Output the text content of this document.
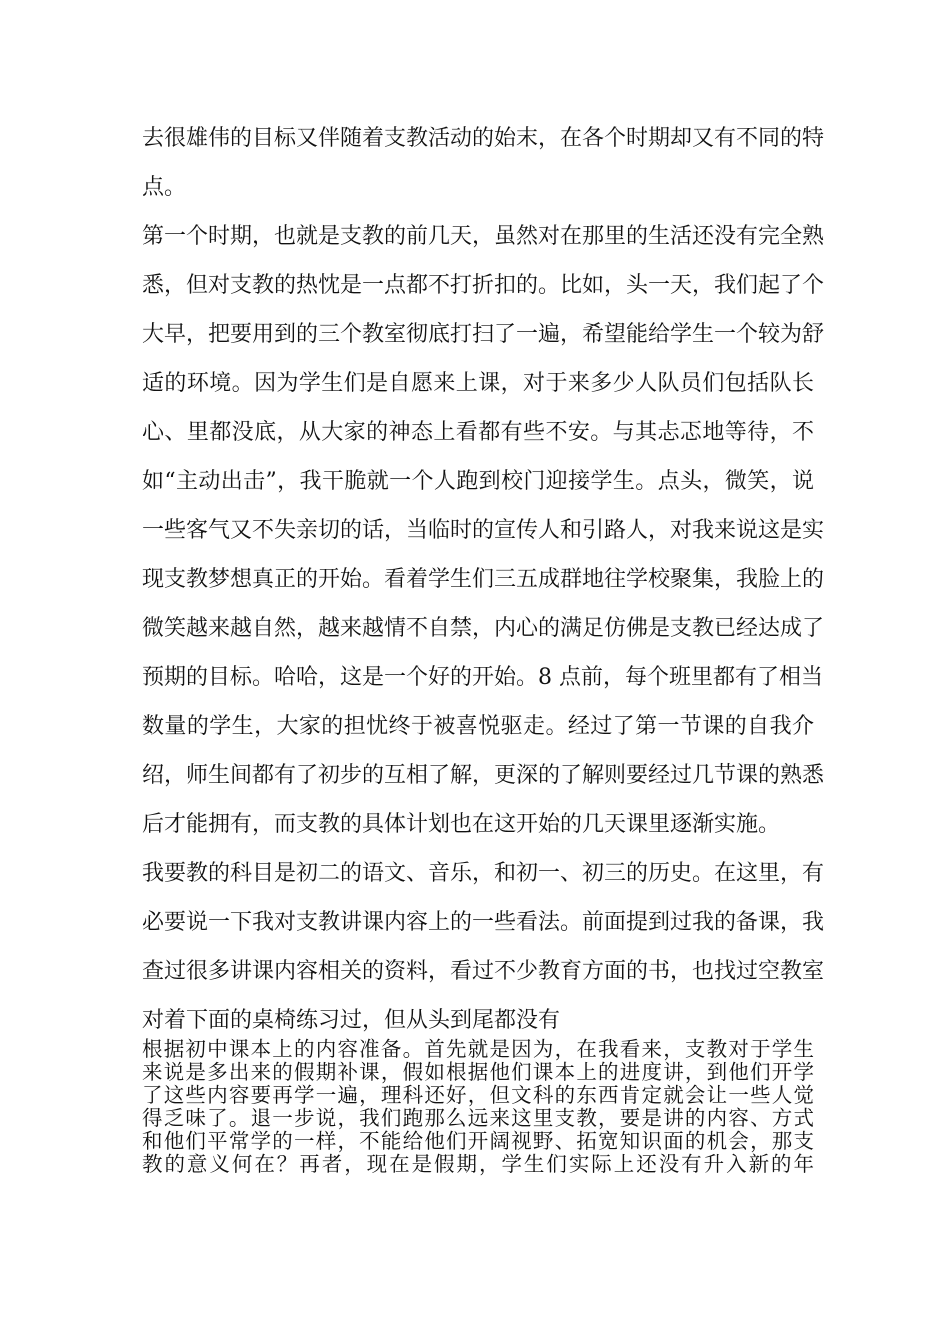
去很雄伟的目标又伴随着支教活动的始末，在各个时期却又有不同的特
点。
第一个时期，也就是支教的前几天，虽然对在那里的生活还没有完全熟
悉，但对支教的热忱是一点都不打折扣的。比如，头一天，我们起了个
大早，把要用到的三个教室彻底打扫了一遍，希望能给学生一个较为舒
适的环境。因为学生们是自愿来上课，对于来多少人队员们包括队长
心、里都没底，从大家的神态上看都有些不安。与其忐忑地等待，不
如“主动出击”，我干脆就一个人跑到校门迎接学生。点头，微笑，说
一些客气又不失亲切的话，当临时的宣传人和引路人，对我来说这是实
现支教梦想真正的开始。看着学生们三五成群地往学校聚集，我脸上的
微笑越来越自然，越来越情不自禁，内心的满足仿佛是支教已经达成了
预期的目标。哈哈，这是一个好的开始。8 点前，每个班里都有了相当
数量的学生，大家的担忧终于被喜悦驱走。经过了第一节课的自我介
绍，师生间都有了初步的互相了解，更深的了解则要经过几节课的熟悉
后才能拥有，而支教的具体计划也在这开始的几天课里逐渐实施。
我要教的科目是初二的语文、音乐，和初一、初三的历史。在这里，有
必要说一下我对支教讲课内容上的一些看法。前面提到过我的备课，我
查过很多讲课内容相关的资料，看过不少教育方面的书，也找过空教室
对着下面的桌椅练习过，但从头到尾都没有
根据初中课本上的内容准备。首先就是因为，在我看来，支教对于学生
来说是多出来的假期补课，假如根据他们课本上的进度讲，到他们开学
了这些内容要再学一遍，理科还好，但文科的东西肯定就会让一些人觉
得乏味了。退一步说，我们跑那么远来这里支教，要是讲的内容、方式
和他们平常学的一样，不能给他们开阔视野、拓宽知识面的机会，那支
教的意义何在？再者，现在是假期，学生们实际上还没有升入新的年
